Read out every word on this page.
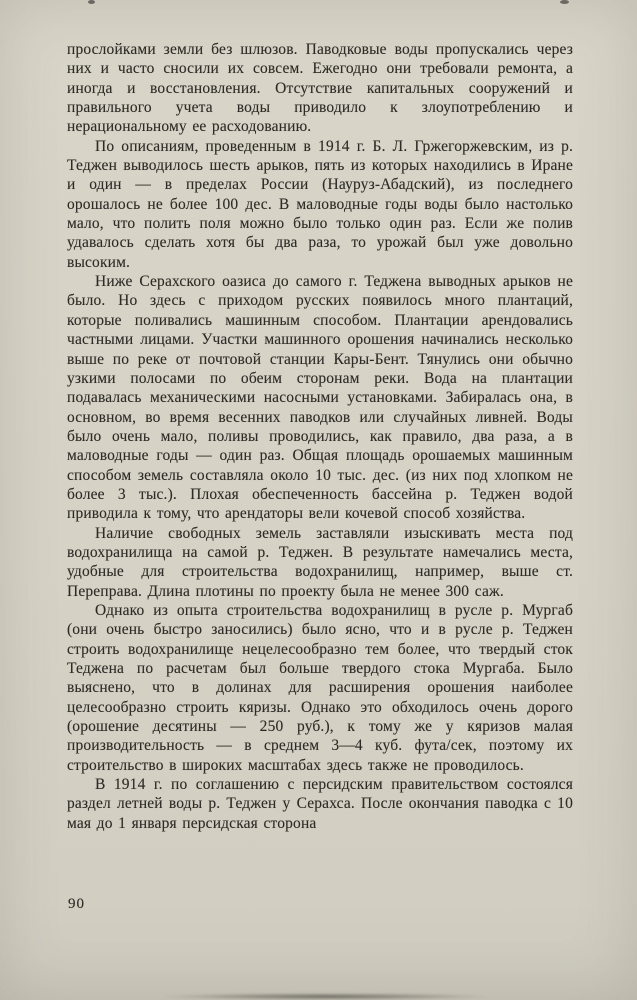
прослойками земли без шлюзов. Паводковые воды пропускались через них и часто сносили их совсем. Ежегодно они требовали ремонта, а иногда и восстановления. Отсутствие капитальных сооружений и правильного учета воды приводило к злоупотреблению и нерациональному ее расходованию.

По описаниям, проведенным в 1914 г. Б. Л. Гржегоржевским, из р. Теджен выводилось шесть арыков, пять из которых находились в Иране и один — в пределах России (Науруз-Абадский), из последнего орошалось не более 100 дес. В маловодные годы воды было настолько мало, что полить поля можно было только один раз. Если же полив удавалось сделать хотя бы два раза, то урожай был уже довольно высоким.

Ниже Серахского оазиса до самого г. Теджена выводных арыков не было. Но здесь с приходом русских появилось много плантаций, которые поливались машинным способом. Плантации арендовались частными лицами. Участки машинного орошения начинались несколько выше по реке от почтовой станции Кары-Бент. Тянулись они обычно узкими полосами по обеим сторонам реки. Вода на плантации подавалась механическими насосными установками. Забиралась она, в основном, во время весенних паводков или случайных ливней. Воды было очень мало, поливы проводились, как правило, два раза, а в маловодные годы — один раз. Общая площадь орошаемых машинным способом земель составляла около 10 тыс. дес. (из них под хлопком не более 3 тыс.). Плохая обеспеченность бассейна р. Теджен водой приводила к тому, что арендаторы вели кочевой способ хозяйства.

Наличие свободных земель заставляли изыскивать места под водохранилища на самой р. Теджен. В результате намечались места, удобные для строительства водохранилищ, например, выше ст. Переправа. Длина плотины по проекту была не менее 300 саж.

Однако из опыта строительства водохранилищ в русле р. Мургаб (они очень быстро заносились) было ясно, что и в русле р. Теджен строить водохранилище нецелесообразно тем более, что твердый сток Теджена по расчетам был больше твердого стока Мургаба. Было выяснено, что в долинах для расширения орошения наиболее целесообразно строить кяризы. Однако это обходилось очень дорого (орошение десятины — 250 руб.), к тому же у кяризов малая производительность — в среднем 3—4 куб. фута/сек, поэтому их строительство в широких масштабах здесь также не проводилось.

В 1914 г. по соглашению с персидским правительством состоялся раздел летней воды р. Теджен у Серахса. После окончания паводка с 10 мая до 1 января персидская сторона

90
